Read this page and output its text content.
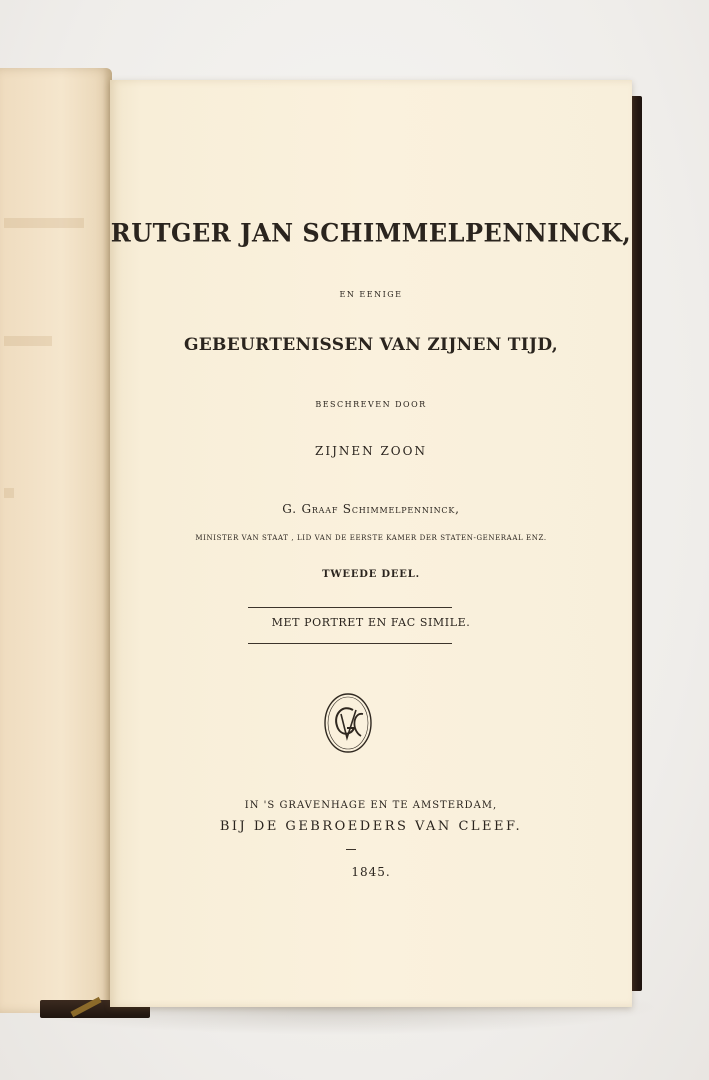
RUTGER JAN SCHIMMELPENNINCK,
EN EENIGE
GEBEURTENISSEN VAN ZIJNEN TIJD,
BESCHREVEN DOOR
ZIJNEN ZOON
G. Graaf Schimmelpenninck,
MINISTER VAN STAAT , LID VAN DE EERSTE KAMER DER STATEN-GENERAAL ENZ.
TWEEDE DEEL.
MET PORTRET EN FAC SIMILE.
IN 'S GRAVENHAGE EN TE AMSTERDAM,
BIJ DE GEBROEDERS VAN CLEEF.
1845.
